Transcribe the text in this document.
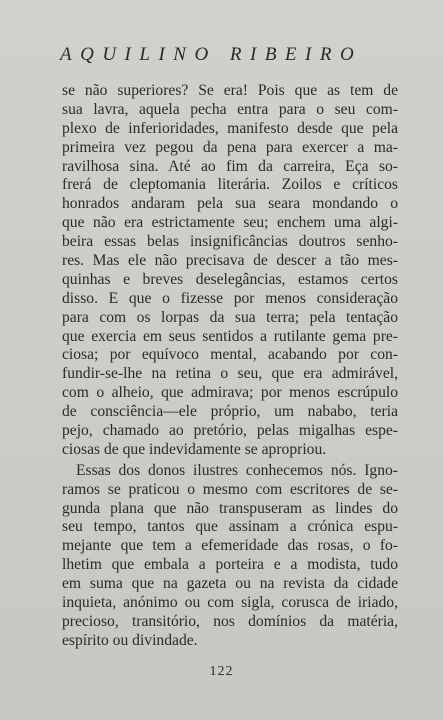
AQUILINO RIBEIRO
se não superiores? Se era! Pois que as tem de
sua lavra, aquela pecha entra para o seu com-
plexo de inferioridades, manifesto desde que pela
primeira vez pegou da pena para exercer a ma-
ravilhosa sina. Até ao fim da carreira, Eça so-
frerá de cleptomania literária. Zoilos e críticos
honrados andaram pela sua seara mondando o
que não era estrictamente seu; enchem uma algi-
beira essas belas insignificâncias doutros senho-
res. Mas ele não precisava de descer a tão mes-
quinhas e breves deselegâncias, estamos certos
disso. E que o fizesse por menos consideração
para com os lorpas da sua terra; pela tentação
que exercia em seus sentidos a rutilante gema pre-
ciosa; por equívoco mental, acabando por con-
fundir-se-lhe na retina o seu, que era admirável,
com o alheio, que admirava; por menos escrúpulo
de consciência—ele próprio, um nababo, teria
pejo, chamado ao pretório, pelas migalhas espe-
ciosas de que indevidamente se apropriou.
Essas dos donos ilustres conhecemos nós. Igno-
ramos se praticou o mesmo com escritores de se-
gunda plana que não transpuseram as lindes do
seu tempo, tantos que assinam a crónica espu-
mejante que tem a efemeridade das rosas, o fo-
lhetim que embala a porteira e a modista, tudo
em suma que na gazeta ou na revista da cidade
inquieta, anónimo ou com sigla, corusca de iriado,
precioso, transitório, nos domínios da matéria,
espírito ou divindade.
122
